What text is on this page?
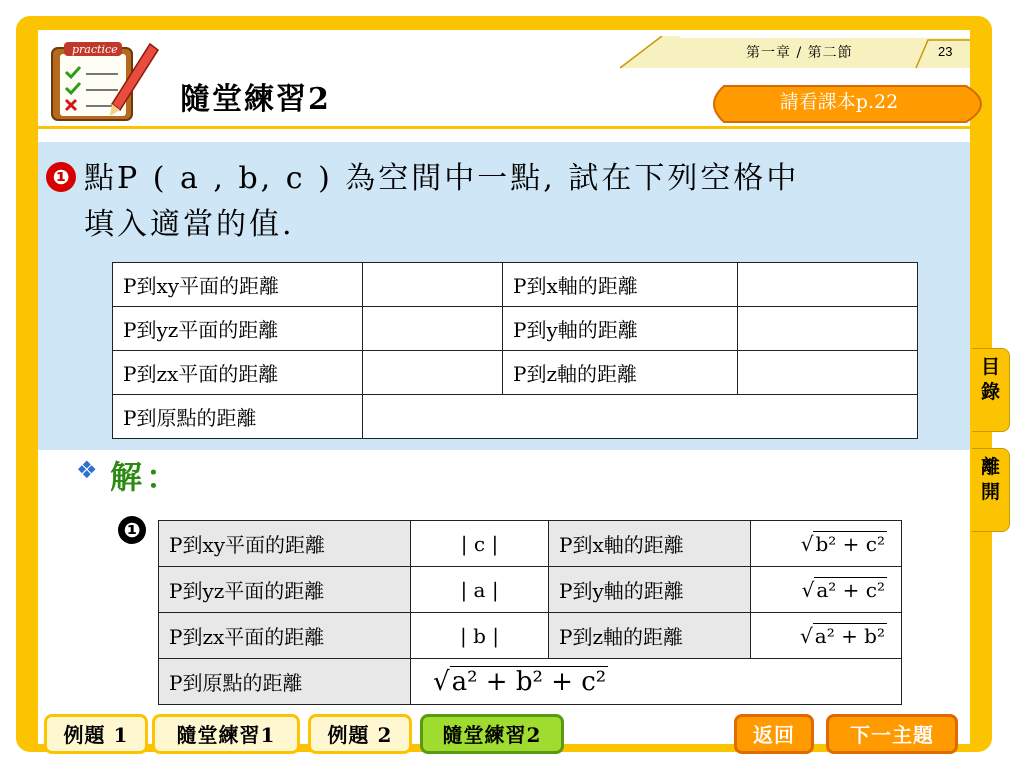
第一章 / 第二節	23
practice
隨堂練習2	請看課本p.22
❶ 點P ( a , b, c ) 為空間中一點, 試在下列空格中
填入適當的值.
P到xy平面的距離		P到x軸的距離	
P到yz平面的距離		P到y軸的距離	
P到zx平面的距離		P到z軸的距離	
P到原點的距離			
❖ 解：
❶
P到xy平面的距離	| c |	P到x軸的距離	√ b² + c²
P到yz平面的距離	| a |	P到y軸的距離	√ a² + c²
P到zx平面的距離	| b |	P到z軸的距離	√ a² + b²
P到原點的距離	√a² + b² + c²		
目錄
離開
例題 1	隨堂練習1	例題 2	隨堂練習2	返回	下一主題
